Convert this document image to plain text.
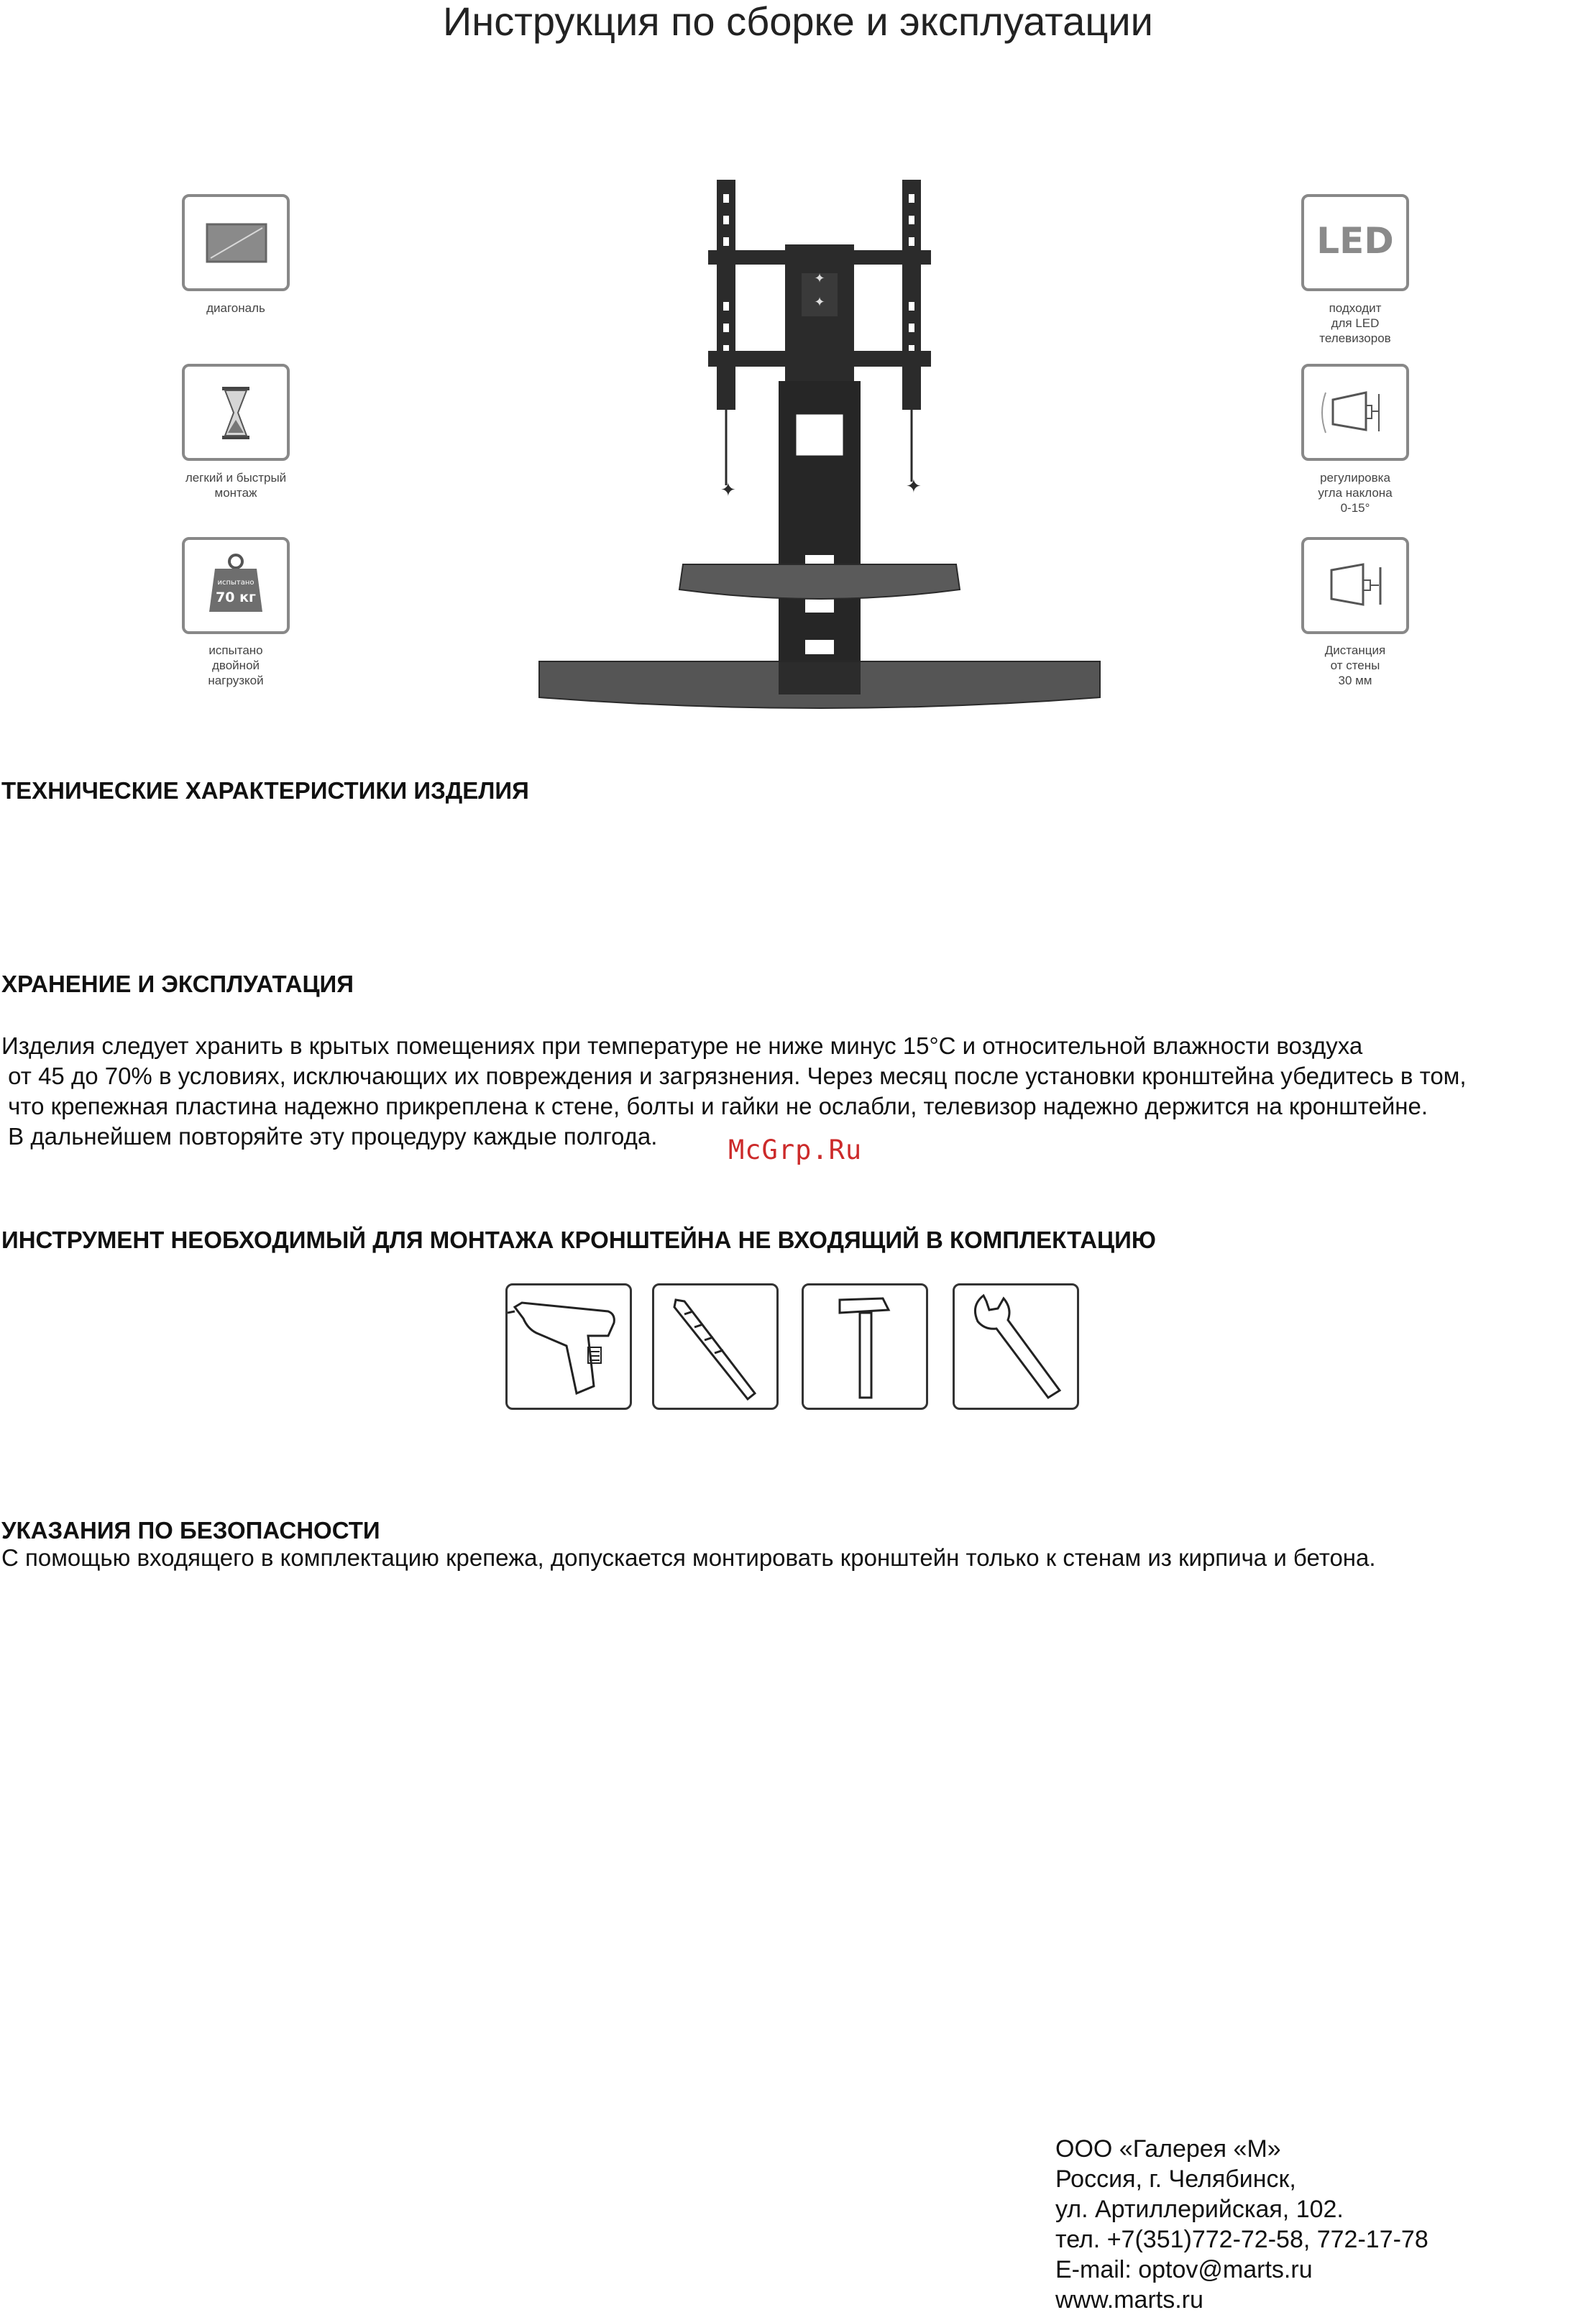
Инструкция по сборке и эксплуатации
диагональ
легкий и быстрый
монтаж
испытано
70 кг
испытано
двойной
нагрузкой
LED
подходит
для LED
телевизоров
регулировка
угла наклона
0-15°
Дистанция
от стены
30 мм
✦
✦
✦	✦
ТЕХНИЧЕСКИЕ ХАРАКТЕРИСТИКИ ИЗДЕЛИЯ
ХРАНЕНИЕ И ЭКСПЛУАТАЦИЯ
Изделия следует хранить в крытых помещениях при температуре не ниже минус 15°С и относительной влажности воздуха
от 45 до 70% в условиях, исключающих их повреждения и загрязнения. Через месяц после установки кронштейна убедитесь в том,
что крепежная пластина надежно прикреплена к стене, болты и гайки не ослабли, телевизор надежно держится на кронштейне.
В дальнейшем повторяйте эту процедуру каждые полгода.	McGrp.Ru
ИНСТРУМЕНТ НЕОБХОДИМЫЙ ДЛЯ МОНТАЖА КРОНШТЕЙНА НЕ ВХОДЯЩИЙ В КОМПЛЕКТАЦИЮ
УКАЗАНИЯ ПО БЕЗОПАСНОСТИ
С помощью входящего в комплектацию крепежа, допускается монтировать кронштейн только к стенам из кирпича и бетона.
ООО «Галерея «М»
Россия, г. Челябинск,
ул. Артиллерийская, 102.
тел. +7(351)772-72-58, 772-17-78
E-mail: optov@marts.ru
www.marts.ru
